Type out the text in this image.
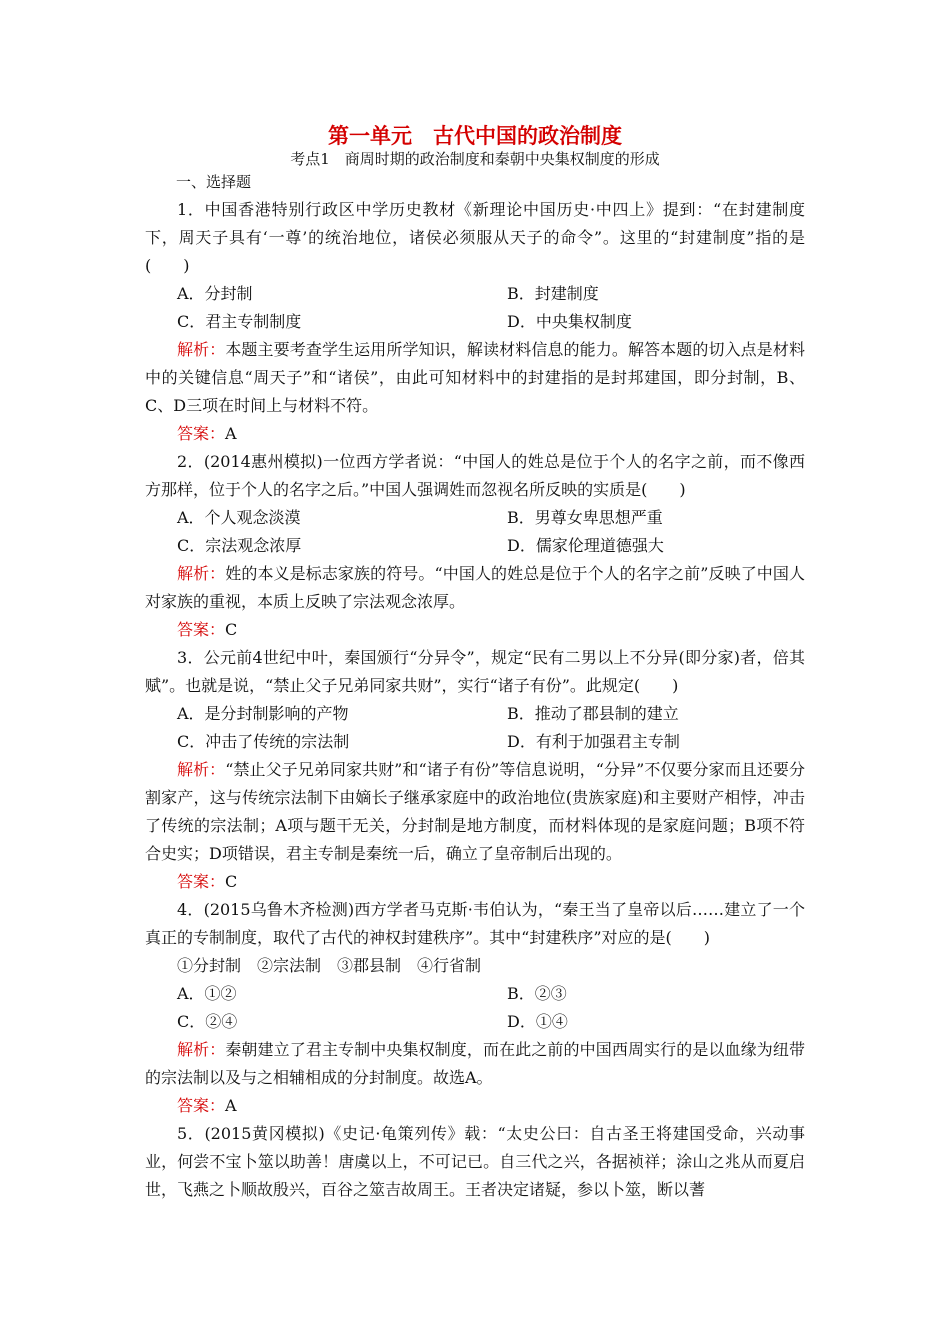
第一单元　古代中国的政治制度
考点1　商周时期的政治制度和秦朝中央集权制度的形成
一、选择题

1．中国香港特别行政区中学历史教材《新理论中国历史·中四上》提到：“在封建制度下，周天子具有‘一尊’的统治地位，诸侯必须服从天子的命令”。这里的“封建制度”指的是(　　)

A．分封制	B．封建制度
C．君主专制制度	D．中央集权制度

解析：本题主要考查学生运用所学知识，解读材料信息的能力。解答本题的切入点是材料中的关键信息“周天子”和“诸侯”，由此可知材料中的封建指的是封邦建国，即分封制，B、C、D三项在时间上与材料不符。

答案：A

2．(2014惠州模拟)一位西方学者说：“中国人的姓总是位于个人的名字之前，而不像西方那样，位于个人的名字之后。”中国人强调姓而忽视名所反映的实质是(　　)

A．个人观念淡漠	B．男尊女卑思想严重
C．宗法观念浓厚	D．儒家伦理道德强大

解析：姓的本义是标志家族的符号。“中国人的姓总是位于个人的名字之前”反映了中国人对家族的重视，本质上反映了宗法观念浓厚。

答案：C

3．公元前4世纪中叶，秦国颁行“分异令”，规定“民有二男以上不分异(即分家)者，倍其赋”。也就是说，“禁止父子兄弟同家共财”，实行“诸子有份”。此规定(　　)

A．是分封制影响的产物	B．推动了郡县制的建立
C．冲击了传统的宗法制	D．有利于加强君主专制

解析：“禁止父子兄弟同家共财”和“诸子有份”等信息说明，“分异”不仅要分家而且还要分割家产，这与传统宗法制下由嫡长子继承家庭中的政治地位(贵族家庭)和主要财产相悖，冲击了传统的宗法制；A项与题干无关，分封制是地方制度，而材料体现的是家庭问题；B项不符合史实；D项错误，君主专制是秦统一后，确立了皇帝制后出现的。

答案：C

4．(2015乌鲁木齐检测)西方学者马克斯·韦伯认为，“秦王当了皇帝以后……建立了一个真正的专制制度，取代了古代的神权封建秩序”。其中“封建秩序”对应的是(　　)

①分封制　②宗法制　③郡县制　④行省制
A．①②	B．②③
C．②④	D．①④

解析：秦朝建立了君主专制中央集权制度，而在此之前的中国西周实行的是以血缘为纽带的宗法制以及与之相辅相成的分封制度。故选A。

答案：A

5．(2015黄冈模拟)《史记·龟策列传》载：“太史公曰：自古圣王将建国受命，兴动事业，何尝不宝卜筮以助善！唐虞以上，不可记已。自三代之兴，各据祯祥；涂山之兆从而夏启世，飞燕之卜顺故殷兴，百谷之筮吉故周王。王者决定诸疑，参以卜筮，断以蓍
